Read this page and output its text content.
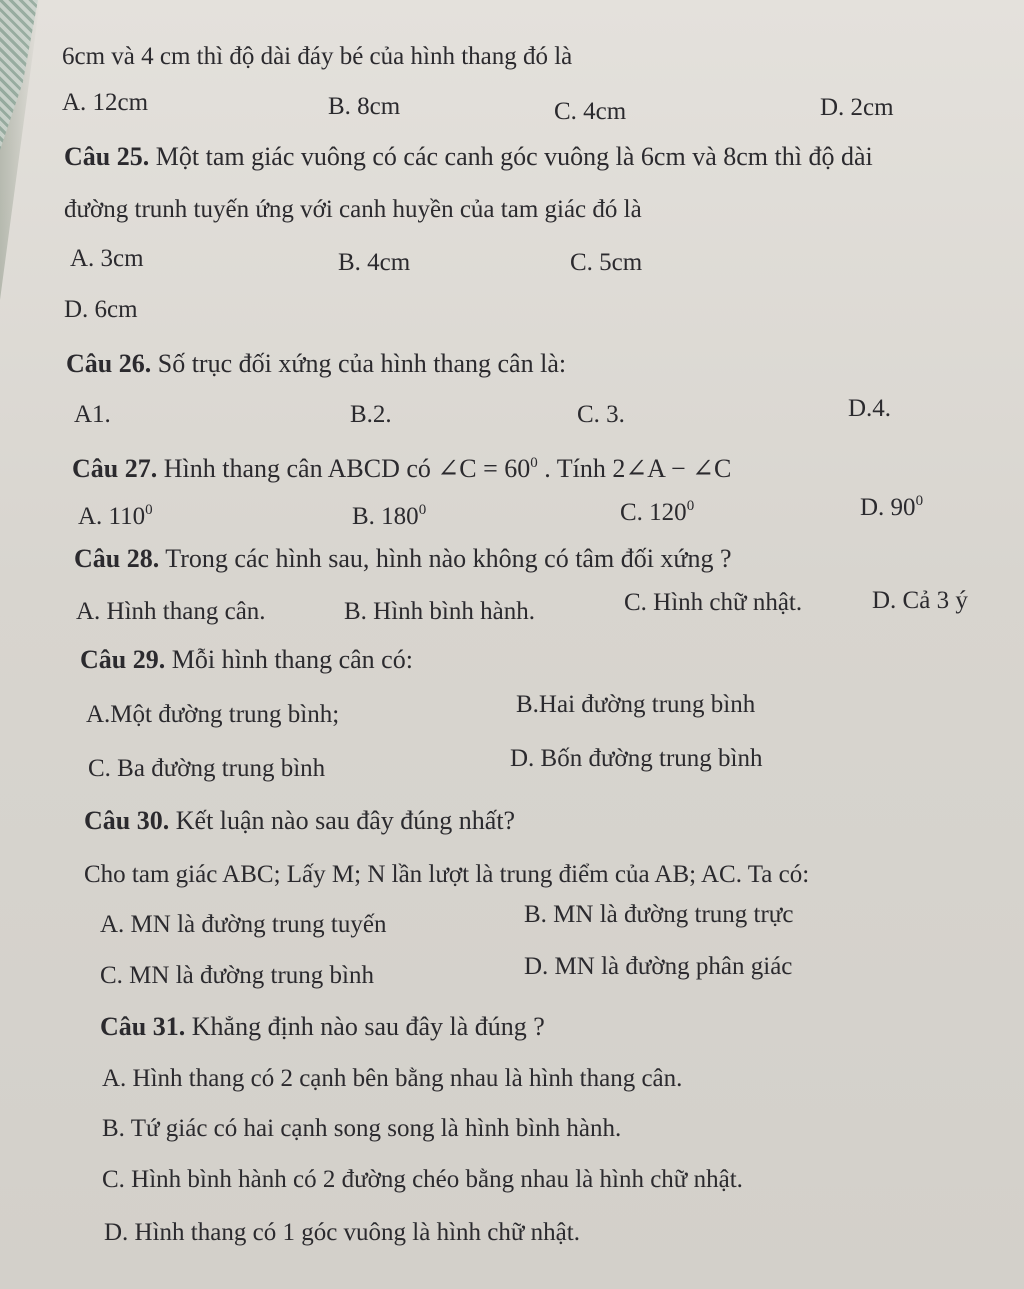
6cm và 4 cm thì độ dài đáy bé của hình thang đó là
A. 12cm	B. 8cm	C. 4cm	D. 2cm
Câu 25. Một tam giác vuông có các canh góc vuông là 6cm và 8cm thì độ dài
đường trunh tuyến ứng với canh huyền của tam giác đó là
A. 3cm	B. 4cm	C. 5cm
D. 6cm
Câu 26. Số trục đối xứng của hình thang cân là:
A1.	B.2.	C. 3.	D.4.
Câu 27. Hình thang cân ABCD có ∠C = $60^0$ . Tính 2∠A − ∠C
A. $110^0$	B. $180^0$	C. $120^0$	D. $90^0$
Câu 28. Trong các hình sau, hình nào không có tâm đối xứng ?
A. Hình thang cân.	B. Hình bình hành.	C. Hình chữ nhật.	D. Cả 3 ý
Câu 29. Mỗi hình thang cân có:
A.Một đường trung bình;	B.Hai đường trung bình
C. Ba đường trung bình	D. Bốn đường trung bình
Câu 30. Kết luận nào sau đây đúng nhất?
Cho tam giác ABC; Lấy M; N lần lượt là trung điểm của AB; AC. Ta có:
A. MN là đường trung tuyến	B. MN là đường trung trực
C. MN là đường trung bình	D. MN là đường phân giác
Câu 31. Khẳng định nào sau đây là đúng ?
A. Hình thang có 2 cạnh bên bằng nhau là hình thang cân.
B. Tứ giác có hai cạnh song song là hình bình hành.
C. Hình bình hành có 2 đường chéo bằng nhau là hình chữ nhật.
D. Hình thang có 1 góc vuông là hình chữ nhật.
